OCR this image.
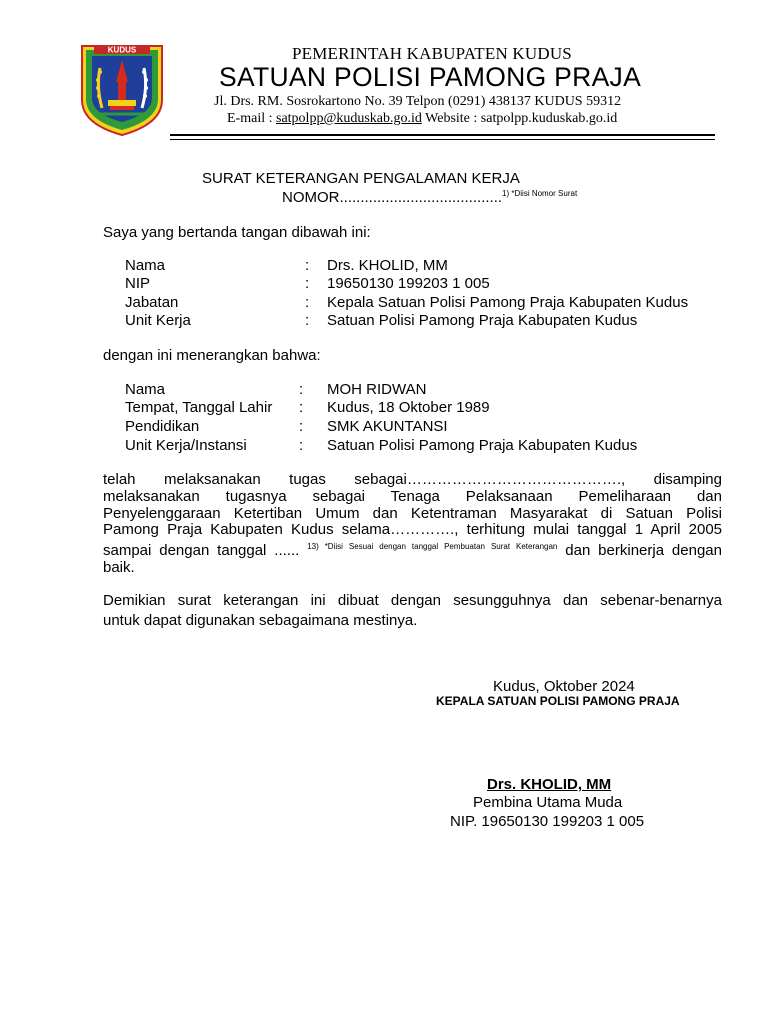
KUDUS	PEMERINTAH KABUPATEN KUDUS
SATUAN POLISI PAMONG PRAJA
Jl. Drs. RM. Sosrokartono No. 39 Telpon (0291) 438137 KUDUS 59312
E-mail : satpolpp@kuduskab.go.id Website : satpolpp.kuduskab.go.id
SURAT KETERANGAN PENGALAMAN KERJA
NOMOR.......................................$^{1) *Diisi Nomor Surat}$
Saya yang bertanda tangan dibawah ini:
Nama	: Drs. KHOLID, MM
NIP	: 19650130 199203 1 005
Jabatan	: Kepala Satuan Polisi Pamong Praja Kabupaten Kudus
Unit Kerja	: Satuan Polisi Pamong Praja Kabupaten Kudus
dengan ini menerangkan bahwa:
Nama	: MOH RIDWAN
Tempat, Tanggal Lahir : Kudus, 18 Oktober 1989
Pendidikan	: SMK AKUNTANSI
Unit Kerja/Instansi	: Satuan Polisi Pamong Praja Kabupaten Kudus
telah melaksanakan tugas sebagai……………………………………., disamping
melaksanakan tugasnya sebagai Tenaga Pelaksanaan Pemeliharaan dan
Penyelenggaraan Ketertiban Umum dan Ketentraman Masyarakat di Satuan Polisi
Pamong Praja Kabupaten Kudus selama…………., terhitung mulai tanggal 1 April 2005
sampai dengan tanggal ...... $^{13) *Diisi Sesuai dengan tanggal Pembuatan Surat Keterangan}$ dan berkinerja dengan
baik.
Demikian surat keterangan ini dibuat dengan sesungguhnya dan sebenar-benarnya
untuk dapat digunakan sebagaimana mestinya.
Kudus, Oktober 2024
KEPALA SATUAN POLISI PAMONG PRAJA
Drs. KHOLID, MM
Pembina Utama Muda
NIP. 19650130 199203 1 005
